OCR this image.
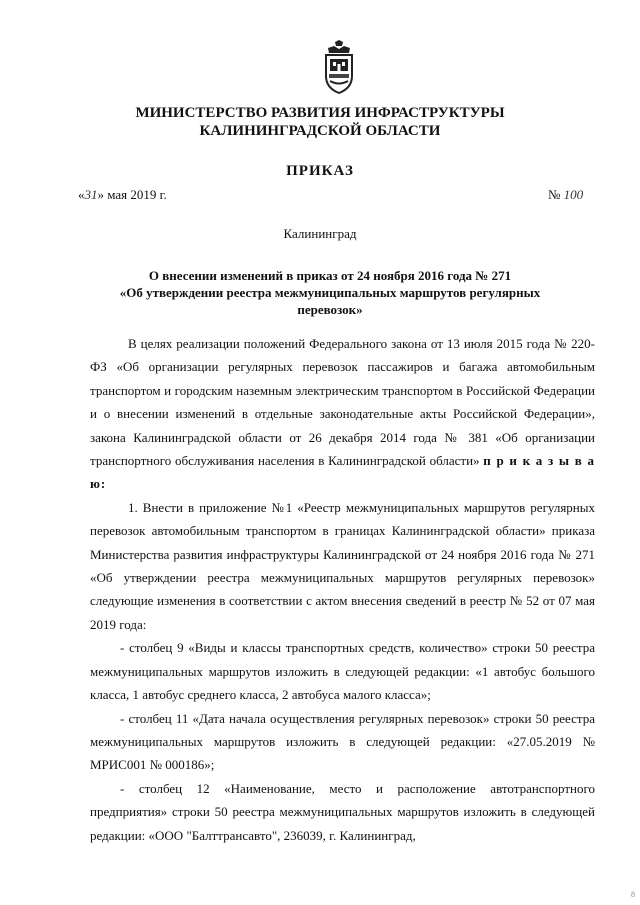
МИНИСТЕРСТВО РАЗВИТИЯ ИНФРАСТРУКТУРЫ
КАЛИНИНГРАДСКОЙ ОБЛАСТИ
ПРИКАЗ
«31» мая 2019 г.	№ 100
Калининград
О внесении изменений в приказ от 24 ноября 2016 года № 271
«Об утверждении реестра межмуниципальных маршрутов регулярных перевозок»

В целях реализации положений Федерального закона от 13 июля 2015 года № 220-ФЗ «Об организации регулярных перевозок пассажиров и багажа автомобильным транспортом и городским наземным электрическим транспортом в Российской Федерации и о внесении изменений в отдельные законодательные акты Российской Федерации», закона Калининградской области от 26 декабря 2014 года № 381 «Об организации транспортного обслуживания населения в Калининградской области» п р и к а з ы в а ю:

1. Внести в приложение №1 «Реестр межмуниципальных маршрутов регулярных перевозок автомобильным транспортом в границах Калининградской области» приказа Министерства развития инфраструктуры Калининградской от 24 ноября 2016 года № 271 «Об утверждении реестра межмуниципальных маршрутов регулярных перевозок» следующие изменения в соответствии с актом внесения сведений в реестр № 52 от 07 мая 2019 года:

- столбец 9 «Виды и классы транспортных средств, количество» строки 50 реестра межмуниципальных маршрутов изложить в следующей редакции: «1 автобус большого класса, 1 автобус среднего класса, 2 автобуса малого класса»;

- столбец 11 «Дата начала осуществления регулярных перевозок» строки 50 реестра межмуниципальных маршрутов изложить в следующей редакции: «27.05.2019 № МРИС001 № 000186»;

- столбец 12 «Наименование, место и расположение автотранспортного предприятия» строки 50 реестра межмуниципальных маршрутов изложить в следующей редакции: «ООО "Балттрансавто", 236039, г. Калининград,

8
